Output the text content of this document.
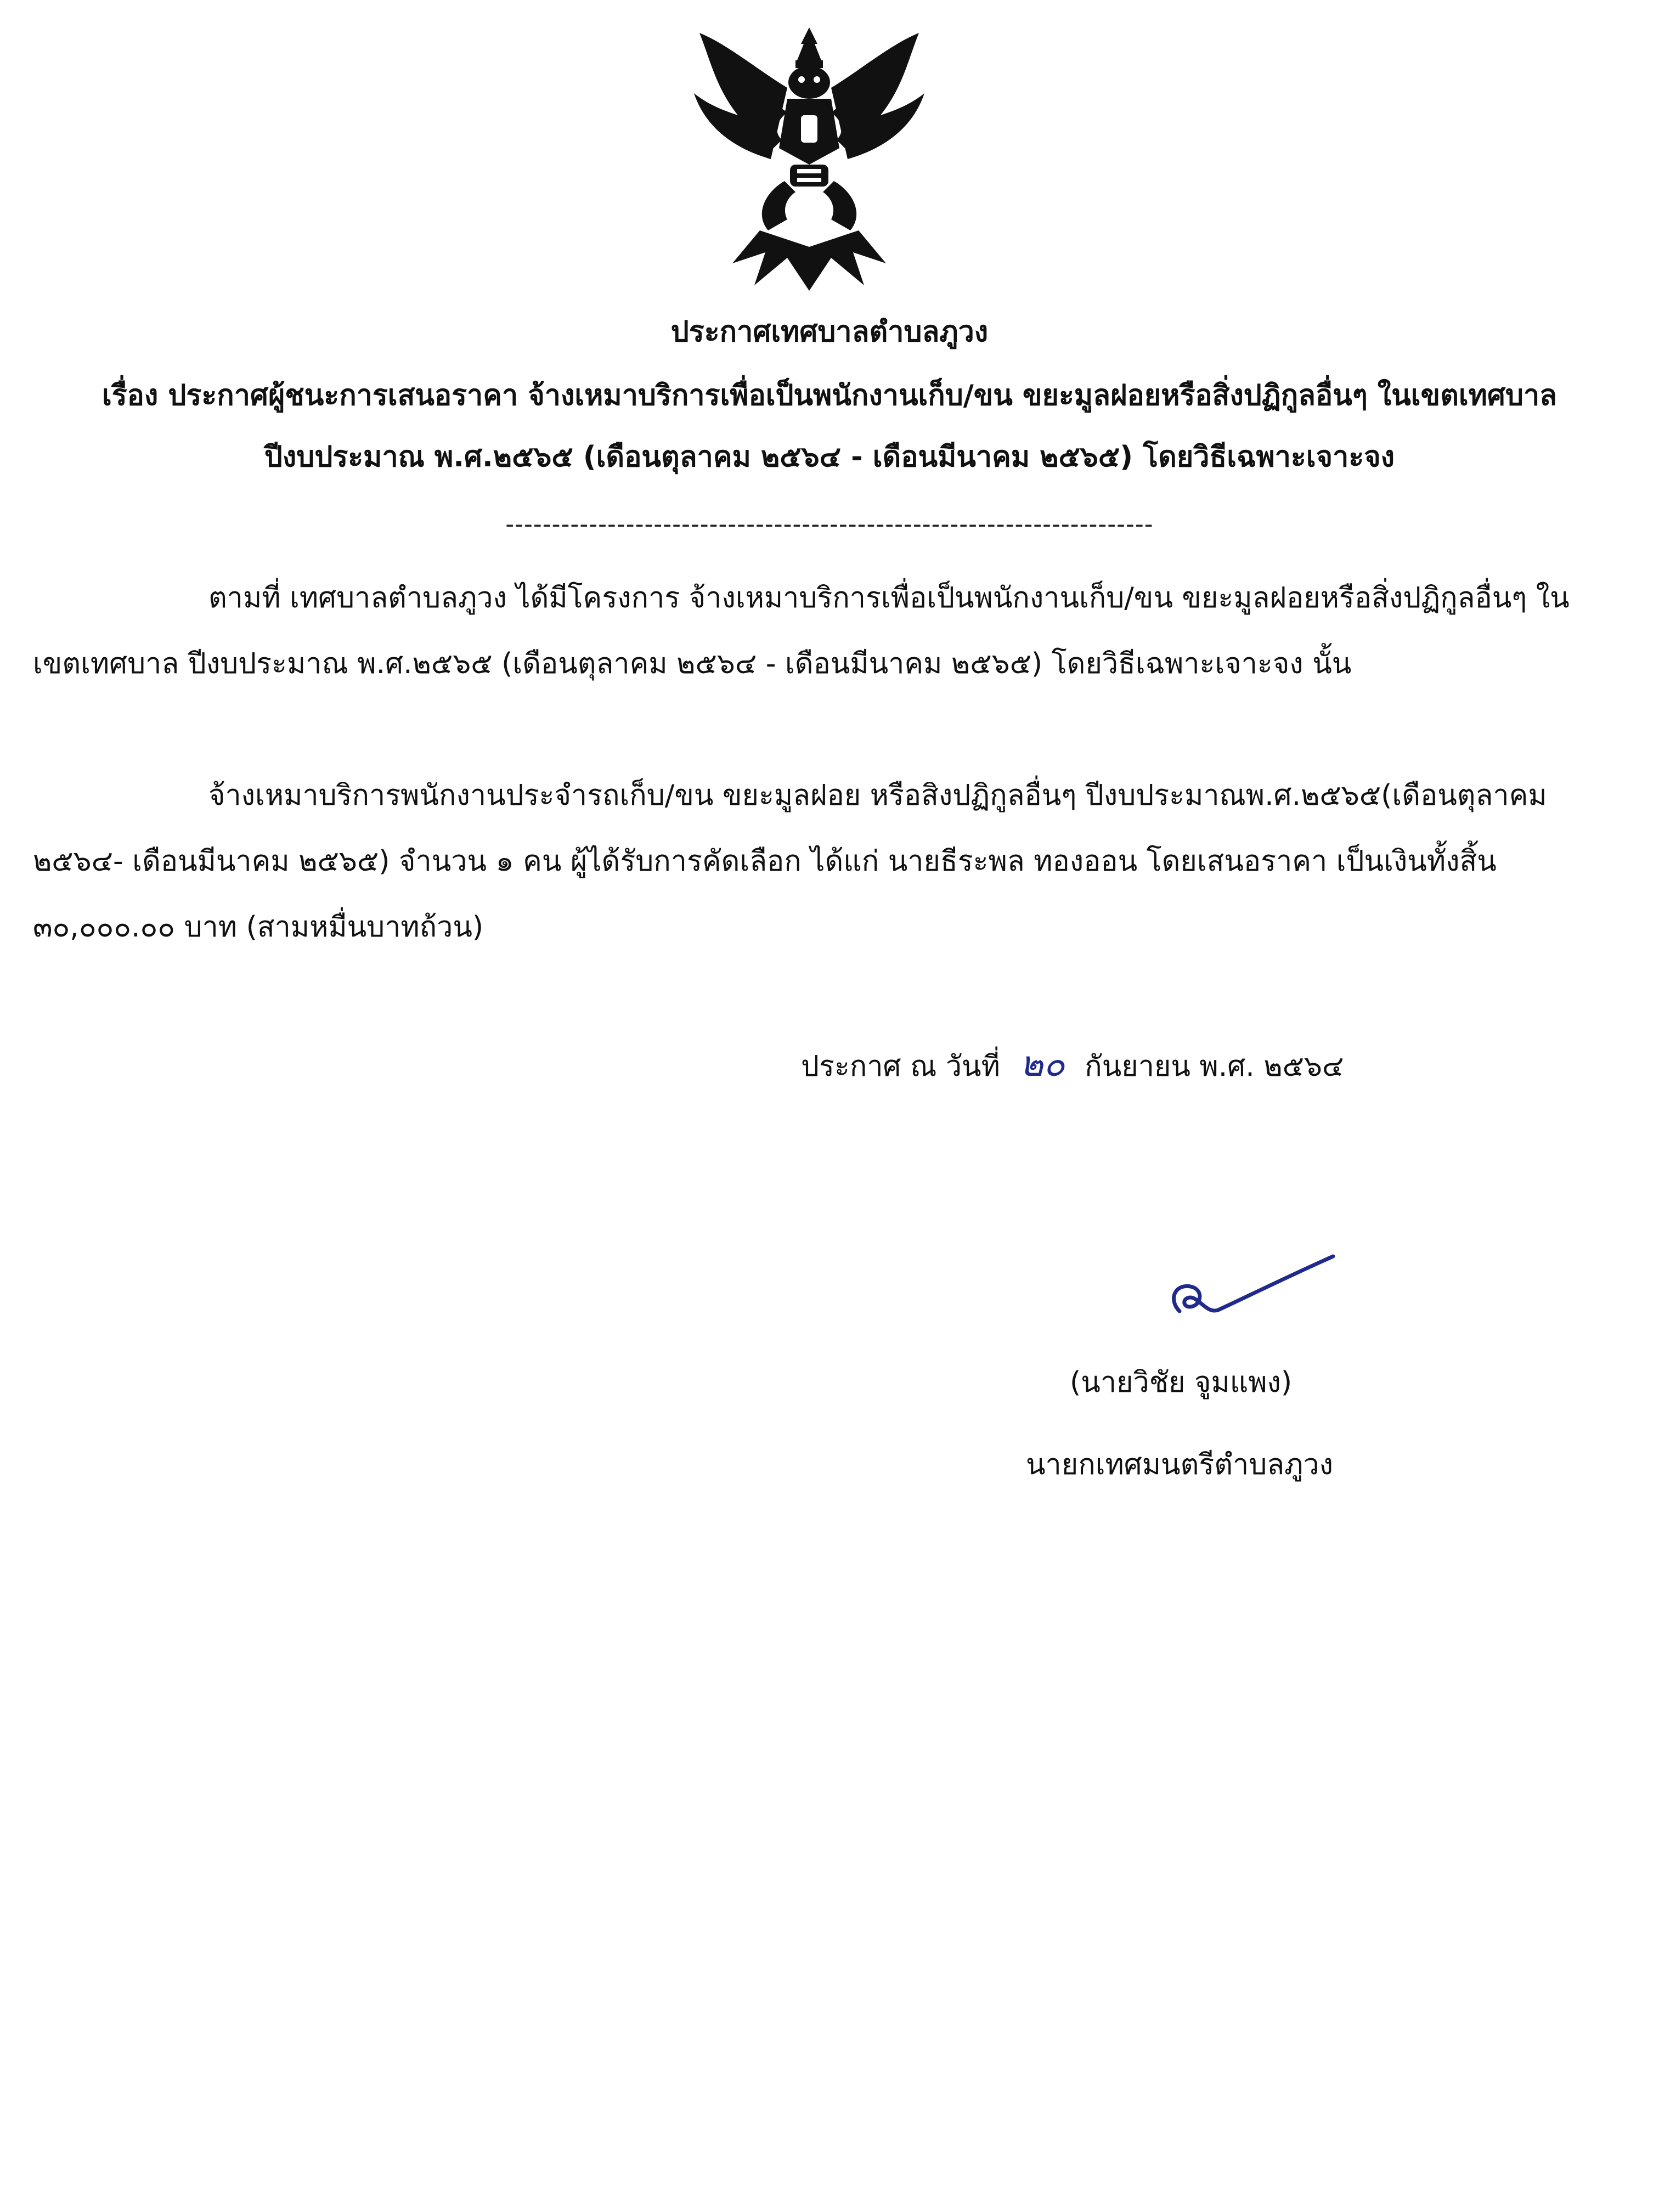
ประกาศเทศบาลตำบลภูวง
เรื่อง ประกาศผู้ชนะการเสนอราคา จ้างเหมาบริการเพื่อเป็นพนักงานเก็บ/ขน ขยะมูลฝอยหรือสิ่งปฏิกูลอื่นๆ ในเขตเทศบาล ปีงบประมาณ พ.ศ.๒๕๖๕ (เดือนตุลาคม ๒๕๖๔ - เดือนมีนาคม ๒๕๖๕) โดยวิธีเฉพาะเจาะจง
----------------------------------------------------------------------
ตามที่ เทศบาลตำบลภูวง ได้มีโครงการ จ้างเหมาบริการเพื่อเป็นพนักงานเก็บ/ขน ขยะมูลฝอยหรือสิ่งปฏิกูลอื่นๆ ในเขตเทศบาล ปีงบประมาณ พ.ศ.๒๕๖๕ (เดือนตุลาคม ๒๕๖๔ - เดือนมีนาคม ๒๕๖๕) โดยวิธีเฉพาะเจาะจง นั้น
จ้างเหมาบริการพนักงานประจำรถเก็บ/ขน ขยะมูลฝอย หรือสิงปฏิกูลอื่นๆ ปีงบประมาณพ.ศ.๒๕๖๕(เดือนตุลาคม ๒๕๖๔- เดือนมีนาคม ๒๕๖๕) จำนวน ๑ คน ผู้ได้รับการคัดเลือก ได้แก่ นายธีระพล ทองออน โดยเสนอราคา เป็นเงินทั้งสิ้น ๓๐,๐๐๐.๐๐ บาท (สามหมื่นบาทถ้วน)
ประกาศ ณ วันที่ ๒๐ กันยายน พ.ศ. ๒๕๖๔
(นายวิชัย จูมแพง)
นายกเทศมนตรีตำบลภูวง
